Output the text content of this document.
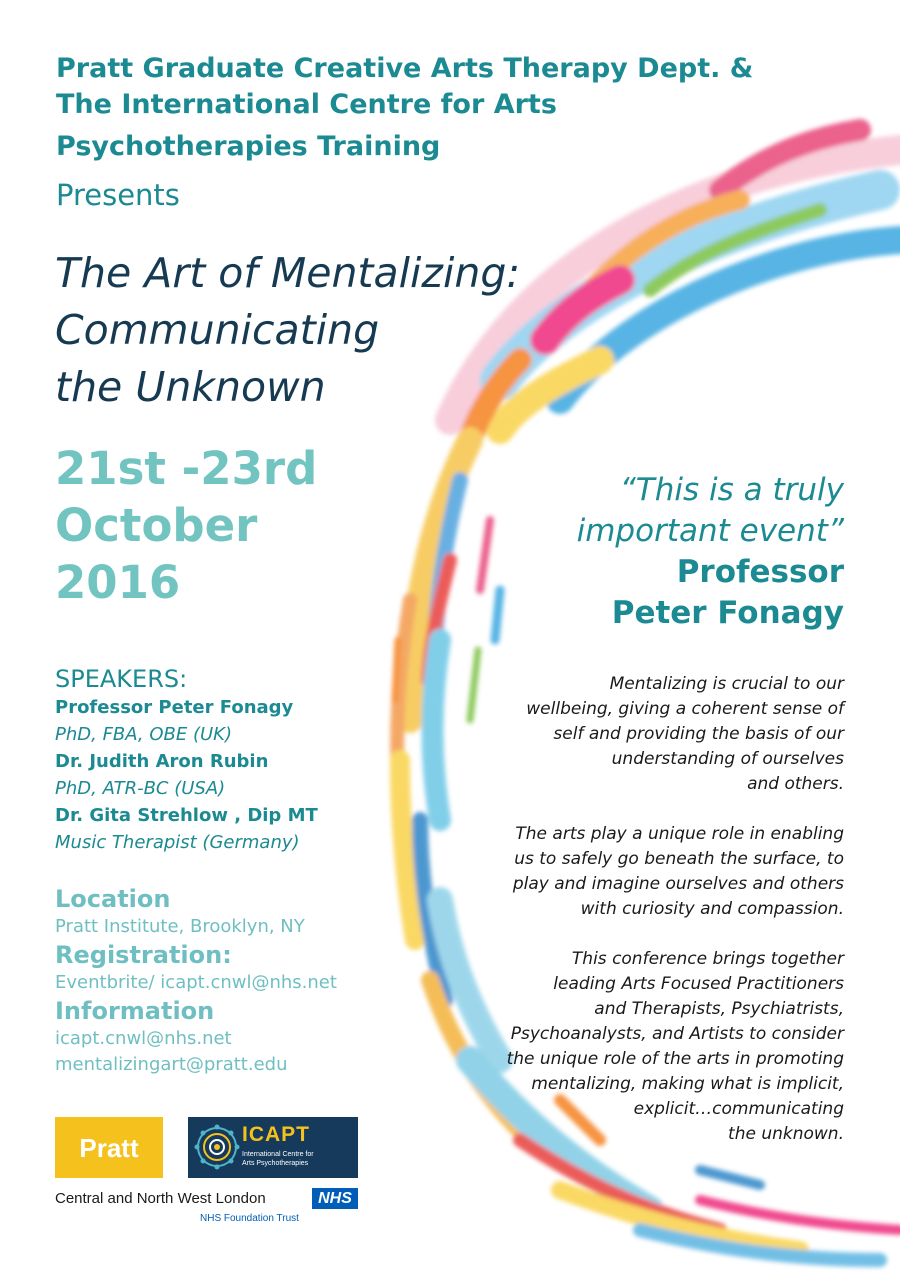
Pratt Graduate Creative Arts Therapy Dept. &
The International Centre for Arts
Psychotherapies Training
Presents
The Art of Mentalizing:
Communicating
the Unknown
21st -23rd
October
2016
“This is a truly
important event”
Professor
Peter Fonagy
SPEAKERS:
Professor Peter Fonagy
PhD, FBA, OBE (UK)
Dr. Judith Aron Rubin
PhD, ATR-BC (USA)
Dr. Gita Strehlow , Dip MT
Music Therapist (Germany)
Location
Pratt Institute, Brooklyn, NY
Registration:
Eventbrite/ icapt.cnwl@nhs.net
Information
icapt.cnwl@nhs.net
mentalizingart@pratt.edu

Mentalizing is crucial to our
wellbeing, giving a coherent sense of
self and providing the basis of our
understanding of ourselves
and others.

The arts play a unique role in enabling
us to safely go beneath the surface, to
play and imagine ourselves and others
with curiosity and compassion.

This conference brings together
leading Arts Focused Practitioners
and Therapists, Psychiatrists,
Psychoanalysts, and Artists to consider
the unique role of the arts in promoting
mentalizing, making what is implicit,
explicit…communicating
the unknown.

Pratt	ICAPT
International Centre for
Arts Psychotherapies
Central and North West London	NHS
NHS Foundation Trust
